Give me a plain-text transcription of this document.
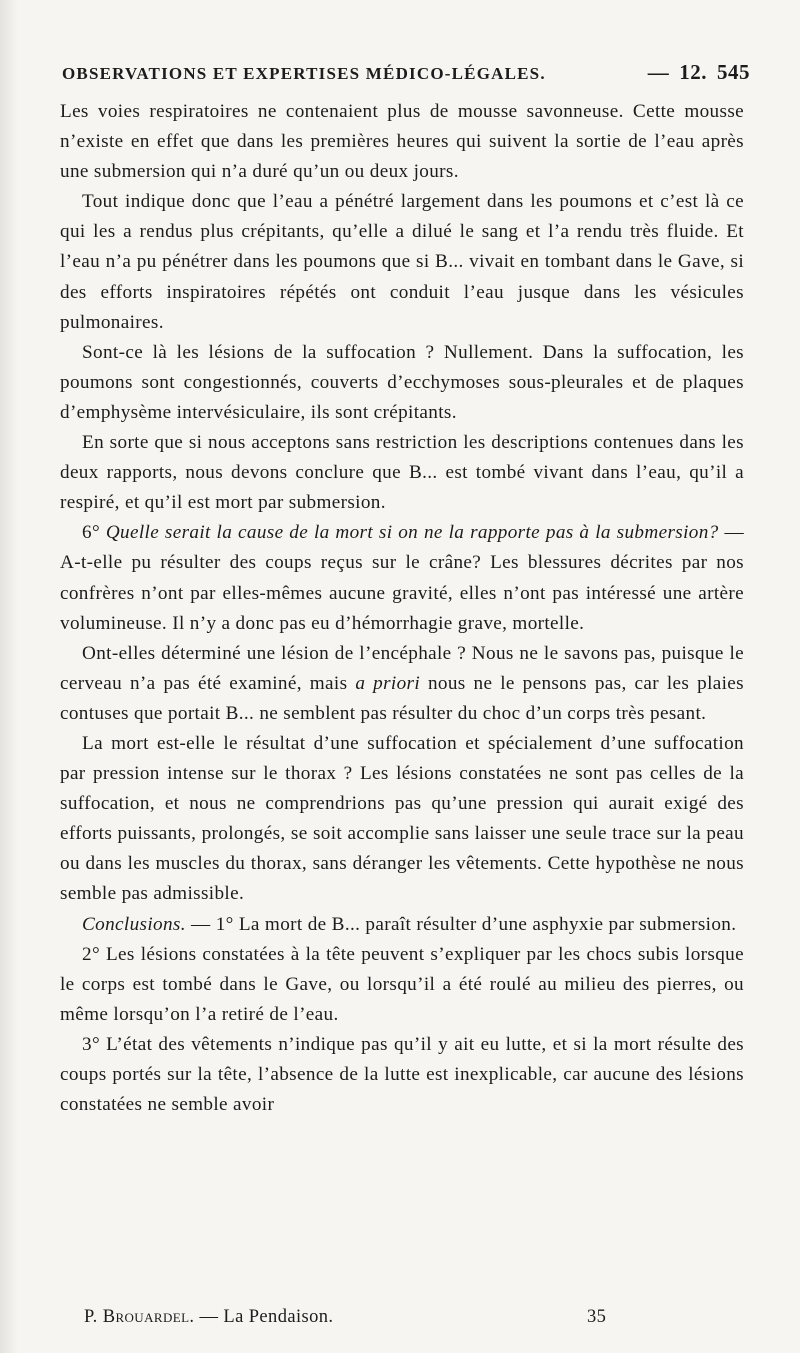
OBSERVATIONS ET EXPERTISES MÉDICO-LÉGALES.	— 12. 545

Les voies respiratoires ne contenaient plus de mousse savonneuse. Cette mousse n’existe en effet que dans les premières heures qui suivent la sortie de l’eau après une submersion qui n’a duré qu’un ou deux jours.

Tout indique donc que l’eau a pénétré largement dans les poumons et c’est là ce qui les a rendus plus crépitants, qu’elle a dilué le sang et l’a rendu très fluide. Et l’eau n’a pu pénétrer dans les poumons que si B... vivait en tombant dans le Gave, si des efforts inspiratoires répétés ont conduit l’eau jusque dans les vésicules pulmonaires.

Sont-ce là les lésions de la suffocation ? Nullement. Dans la suffocation, les poumons sont congestionnés, couverts d’ecchymoses sous-pleurales et de plaques d’emphysème intervésiculaire, ils sont crépitants.

En sorte que si nous acceptons sans restriction les descriptions contenues dans les deux rapports, nous devons conclure que B... est tombé vivant dans l’eau, qu’il a respiré, et qu’il est mort par submersion.

6° Quelle serait la cause de la mort si on ne la rapporte pas à la submersion? — A-t-elle pu résulter des coups reçus sur le crâne? Les blessures décrites par nos confrères n’ont par elles-mêmes aucune gravité, elles n’ont pas intéressé une artère volumineuse. Il n’y a donc pas eu d’hémorrhagie grave, mortelle.

Ont-elles déterminé une lésion de l’encéphale ? Nous ne le savons pas, puisque le cerveau n’a pas été examiné, mais a priori nous ne le pensons pas, car les plaies contuses que portait B... ne semblent pas résulter du choc d’un corps très pesant.

La mort est-elle le résultat d’une suffocation et spécialement d’une suffocation par pression intense sur le thorax ? Les lésions constatées ne sont pas celles de la suffocation, et nous ne comprendrions pas qu’une pression qui aurait exigé des efforts puissants, prolongés, se soit accomplie sans laisser une seule trace sur la peau ou dans les muscles du thorax, sans déranger les vêtements. Cette hypothèse ne nous semble pas admissible.

Conclusions. — 1° La mort de B... paraît résulter d’une asphyxie par submersion.

2° Les lésions constatées à la tête peuvent s’expliquer par les chocs subis lorsque le corps est tombé dans le Gave, ou lorsqu’il a été roulé au milieu des pierres, ou même lorsqu’on l’a retiré de l’eau.

3° L’état des vêtements n’indique pas qu’il y ait eu lutte, et si la mort résulte des coups portés sur la tête, l’absence de la lutte est inexplicable, car aucune des lésions constatées ne semble avoir

P. Brouardel. — La Pendaison.	35
